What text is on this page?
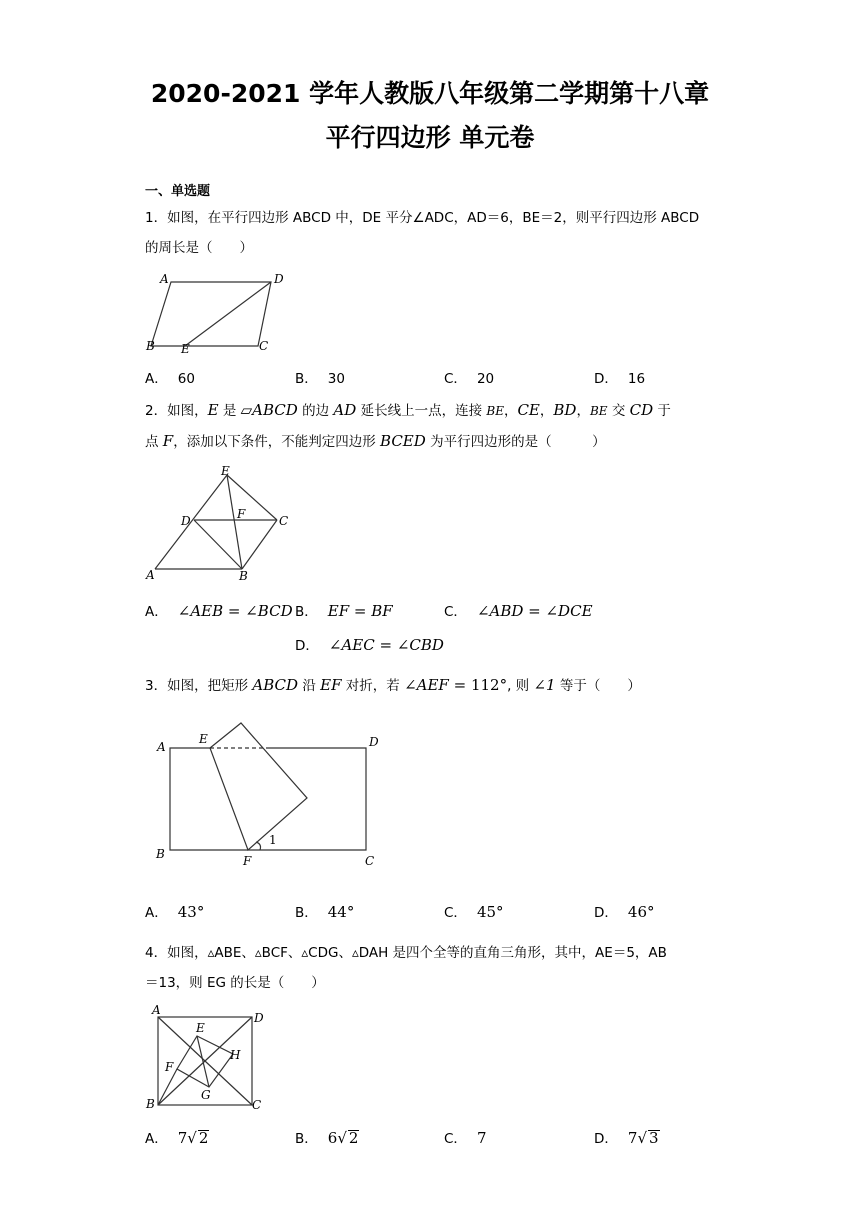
2020-2021 学年人教版八年级第二学期第十八章
平行四边形 单元卷
一、单选题
1．如图，在平行四边形 ABCD 中，DE 平分∠ADC，AD＝6，BE＝2，则平行四边形 ABCD
的周长是（　　）
A	D
B E	C
A． 60	B． 30	C． 20	D． 16
2．如图，E 是 ▱ABCD 的边 AD 延长线上一点，连接 BE，CE，BD，BE 交 CD 于
点 F，添加以下条件，不能判定四边形 BCED 为平行四边形的是（　　　）
E
D	F	C
A	B
A． ∠AEB = ∠BCD B． EF = BF	C． ∠ABD = ∠DCE
D． ∠AEC = ∠CBD
3．如图，把矩形 ABCD 沿 EF 对折，若 ∠AEF = 112°, 则 ∠1 等于（　　）
A
E	D
B	F	C
1
A． 43°	B． 44°	C． 45°	D． 46°
4．如图，▵ABE、▵BCF、▵CDG、▵DAH 是四个全等的直角三角形，其中，AE＝5，AB
＝13，则 EG 的长是（　　）
A
D
E
H
F
G
B	C
A． 7√ 2	B． 6√ 2	C． 7	D． 7√ 3
